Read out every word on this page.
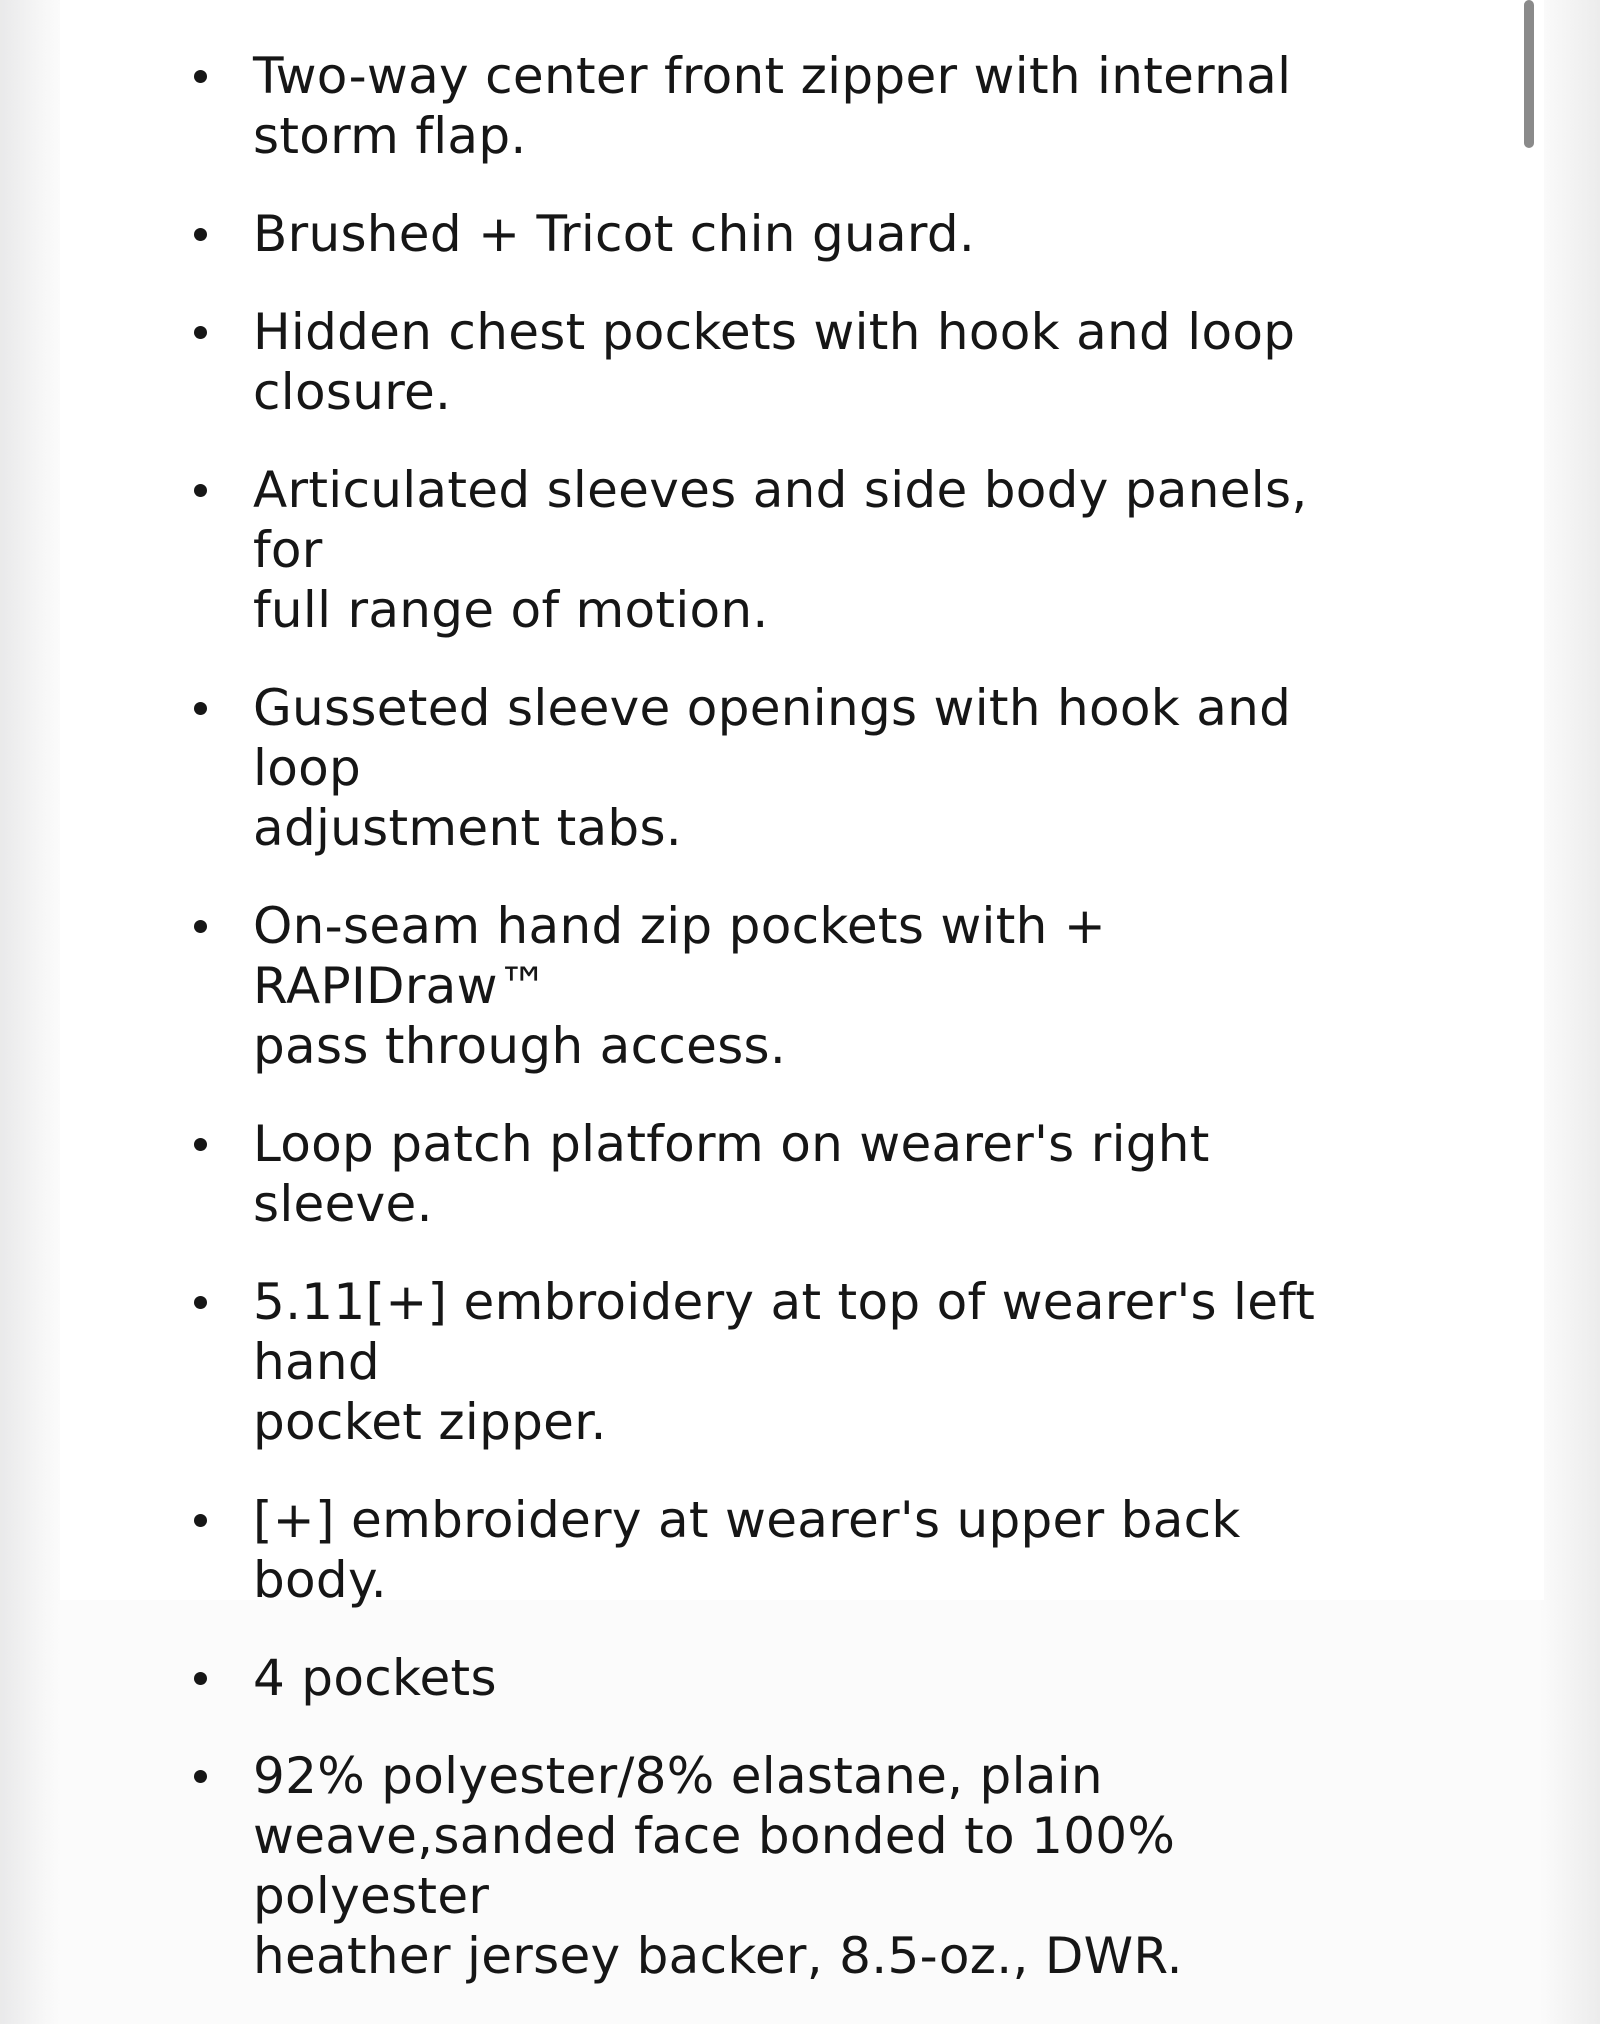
Two-way center front zipper with internal
storm flap.
Brushed + Tricot chin guard.
Hidden chest pockets with hook and loop
closure.
Articulated sleeves and side body panels, for
full range of motion.
Gusseted sleeve openings with hook and loop
adjustment tabs.
On-seam hand zip pockets with + RAPIDraw™
pass through access.
Loop patch platform on wearer's right sleeve.
5.11[+] embroidery at top of wearer's left hand
pocket zipper.
[+] embroidery at wearer's upper back body.
4 pockets
92% polyester/8% elastane, plain
weave,sanded face bonded to 100% polyester
heather jersey backer, 8.5-oz., DWR.
